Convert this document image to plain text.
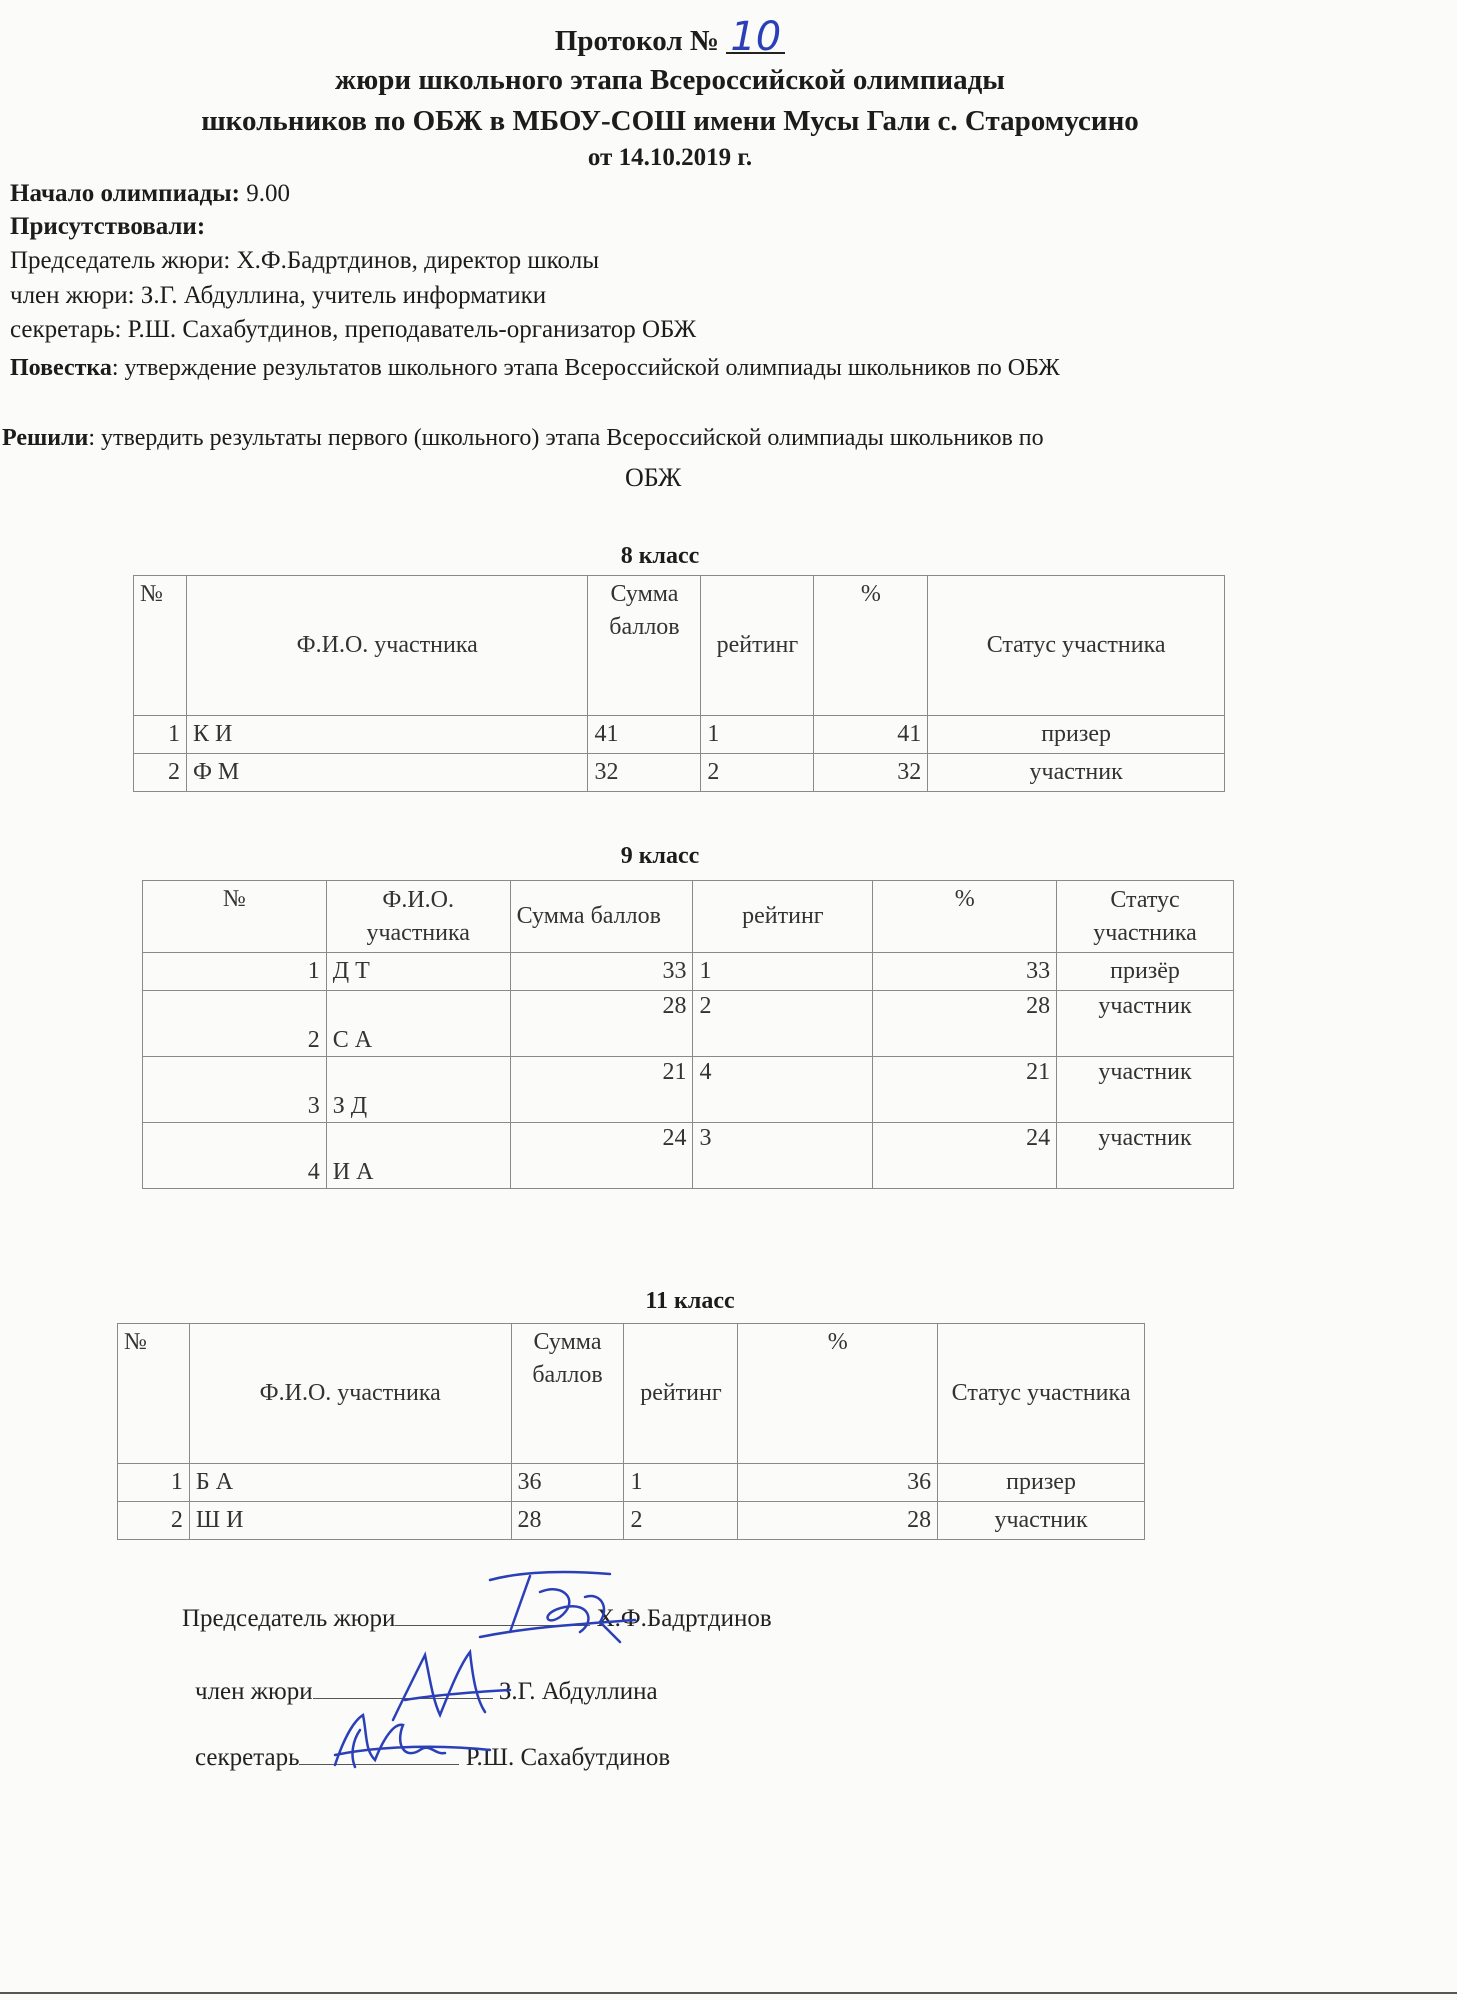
Протокол № 10
жюри школьного этапа Всероссийской олимпиады
школьников по ОБЖ в МБОУ-СОШ имени Мусы Гали с. Старомусино
от 14.10.2019 г.
Начало олимпиады: 9.00
Присутствовали:
Председатель жюри: Х.Ф.Бадртдинов, директор школы
член жюри: З.Г. Абдуллина, учитель информатики
секретарь: Р.Ш. Сахабутдинов, преподаватель-организатор ОБЖ
Повестка: утверждение результатов школьного этапа Всероссийской олимпиады школьников по ОБЖ
Решили: утвердить результаты первого (школьного) этапа Всероссийской олимпиады школьников по
ОБЖ
8 класс
№	Ф.И.О. участника	Сумма баллов	рейтинг	%	Статус участника
1	К И	41	1	41	призер
2	Ф М	32	2	32	участник
9 класс
№	Ф.И.О. участника	Сумма баллов	рейтинг	%	Статус участника
1	Д Т	33	1	33	призёр
2	С А	28	2	28	участник
3	З Д	21	4	21	участник
4	И А	24	3	24	участник
11 класс
№	Ф.И.О. участника	Сумма баллов	рейтинг	%	Статус участника
1	Б А	36	1	36	призер
2	Ш И	28	2	28	участник
Председатель жюри	Х.Ф.Бадртдинов
член жюри	З.Г. Абдуллина
секретарь	Р.Ш. Сахабутдинов
